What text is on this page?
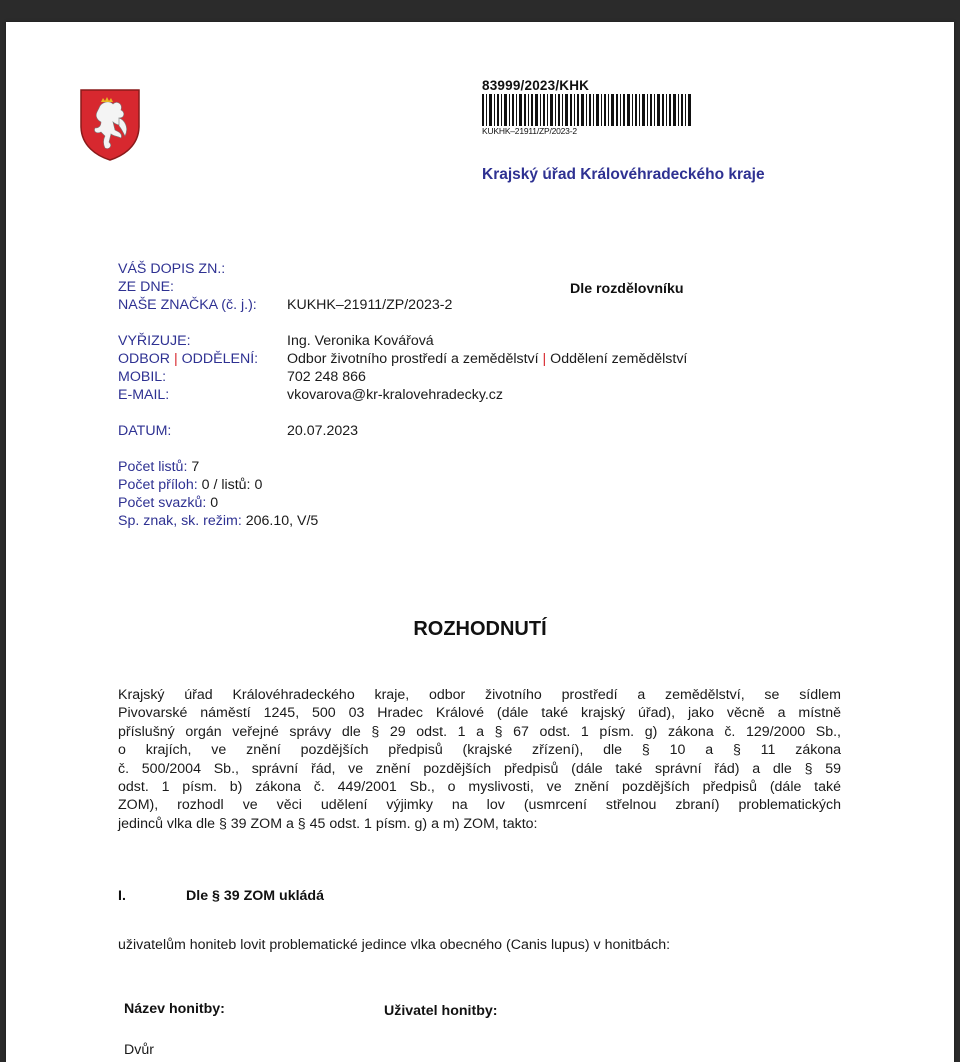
83999/2023/KHK
KUKHK–21911/ZP/2023-2
Krajský úřad Královéhradeckého kraje
VÁŠ DOPIS ZN.:
ZE DNE:
NAŠE ZNAČKA (č. j.): KUKHK–21911/ZP/2023-2
VYŘIZUJE:	Ing. Veronika Kovářová
ODBOR | ODDĚLENÍ: Odbor životního prostředí a zemědělství | Oddělení zemědělství
MOBIL:	702 248 866
E-MAIL:	vkovarova@kr-kralovehradecky.cz
DATUM:	20.07.2023
Počet listů: 7
Počet příloh: 0 / listů: 0
Počet svazků: 0
Sp. znak, sk. režim: 206.10, V/5
Dle rozdělovníku
ROZHODNUTÍ
Krajský úřad Královéhradeckého kraje, odbor životního prostředí a zemědělství, se sídlem
Pivovarské náměstí 1245, 500 03 Hradec Králové (dále také krajský úřad), jako věcně a místně
příslušný orgán veřejné správy dle § 29 odst. 1 a § 67 odst. 1 písm. g) zákona č. 129/2000 Sb.,
o krajích, ve znění pozdějších předpisů (krajské zřízení), dle § 10 a § 11 zákona
č. 500/2004 Sb., správní řád, ve znění pozdějších předpisů (dále také správní řád) a dle § 59
odst. 1 písm. b) zákona č. 449/2001 Sb., o myslivosti, ve znění pozdějších předpisů (dále také
ZOM), rozhodl ve věci udělení výjimky na lov (usmrcení střelnou zbraní) problematických
jedinců vlka dle § 39 ZOM a § 45 odst. 1 písm. g) a m) ZOM, takto:
I.	Dle § 39 ZOM ukládá
uživatelům honiteb lovit problematické jedince vlka obecného (Canis lupus) v honitbách:
Název honitby:	Uživatel honitby:
Dvůr
